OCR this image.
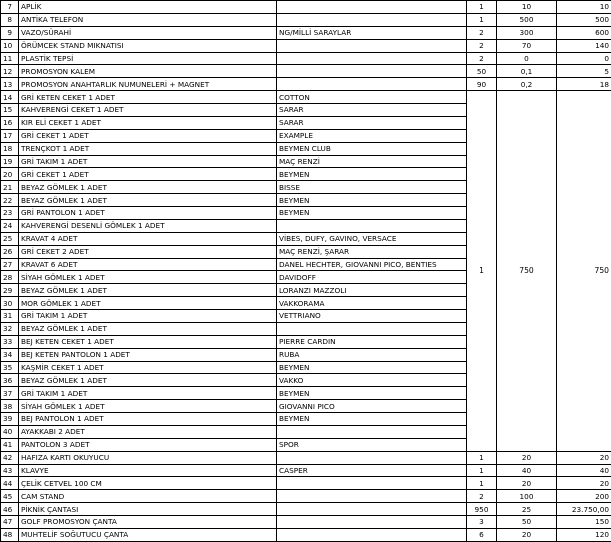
7	APLİK		1	10	10
8	ANTİKA TELEFON		1	500	500
9	VAZO/SÜRAHİ	NG/MİLLİ SARAYLAR	2	300	600
10	ÖRÜMCEK STAND MIKNATISI		2	70	140
11	PLASTİK TEPSİ		2	0	0
12	PROMOSYON KALEM		50	0,1	5
13	PROMOSYON ANAHTARLIK NUMUNELERİ + MAGNET		90	0,2	18
14	GRİ KETEN CEKET 1 ADET	COTTON	1	750	750
15	KAHVERENGİ CEKET 1 ADET	SARAR			
16	KIR ELİ CEKET 1 ADET	SARAR			
17	GRİ CEKET 1 ADET	EXAMPLE			
18	TRENÇKOT 1 ADET	BEYMEN CLUB			
19	GRİ TAKIM 1 ADET	MAÇ RENZİ			
20	GRİ CEKET 1 ADET	BEYMEN			
21	BEYAZ GÖMLEK 1 ADET	BISSE			
22	BEYAZ GÖMLEK 1 ADET	BEYMEN			
23	GRİ PANTOLON 1 ADET	BEYMEN			
24	KAHVERENGİ DESENLİ GÖMLEK 1 ADET				
25	KRAVAT 4 ADET	VİBES, DUFY, GAVINO, VERSACE			
26	GRİ CEKET 2 ADET	MAÇ RENZİ, ŞARAR			
27	KRAVAT 6 ADET	DANEL HECHTER, GIOVANNI PICO, BENTIES			
28	SİYAH GÖMLEK 1 ADET	DAVIDOFF			
29	BEYAZ GÖMLEK 1 ADET	LORANZI MAZZOLI			
30	MOR GÖMLEK 1 ADET	VAKKORAMA			
31	GRİ TAKIM 1 ADET	VETTRIANO			
32	BEYAZ GÖMLEK 1 ADET				
33	BEJ KETEN CEKET 1 ADET	PIERRE CARDIN			
34	BEJ KETEN PANTOLON 1 ADET	RUBA			
35	KAŞMİR CEKET 1 ADET	BEYMEN			
36	BEYAZ GÖMLEK 1 ADET	VAKKO			
37	GRİ TAKIM 1 ADET	BEYMEN			
38	SİYAH GÖMLEK 1 ADET	GIOVANNI PICO			
39	BEJ PANTOLON 1 ADET	BEYMEN			
40	AYAKKABI 2 ADET				
41	PANTOLON 3 ADET	SPOR			
42	HAFIZA KARTI OKUYUCU		1	20	20
43	KLAVYE	CASPER	1	40	40
44	ÇELİK CETVEL 100 CM		1	20	20
45	CAM STAND		2	100	200
46	PİKNİK ÇANTASI		950	25	23.750,00
47	GOLF PROMOSYON ÇANTA		3	50	150
48	MUHTELİF SOĞUTUCU ÇANTA		6	20	120
